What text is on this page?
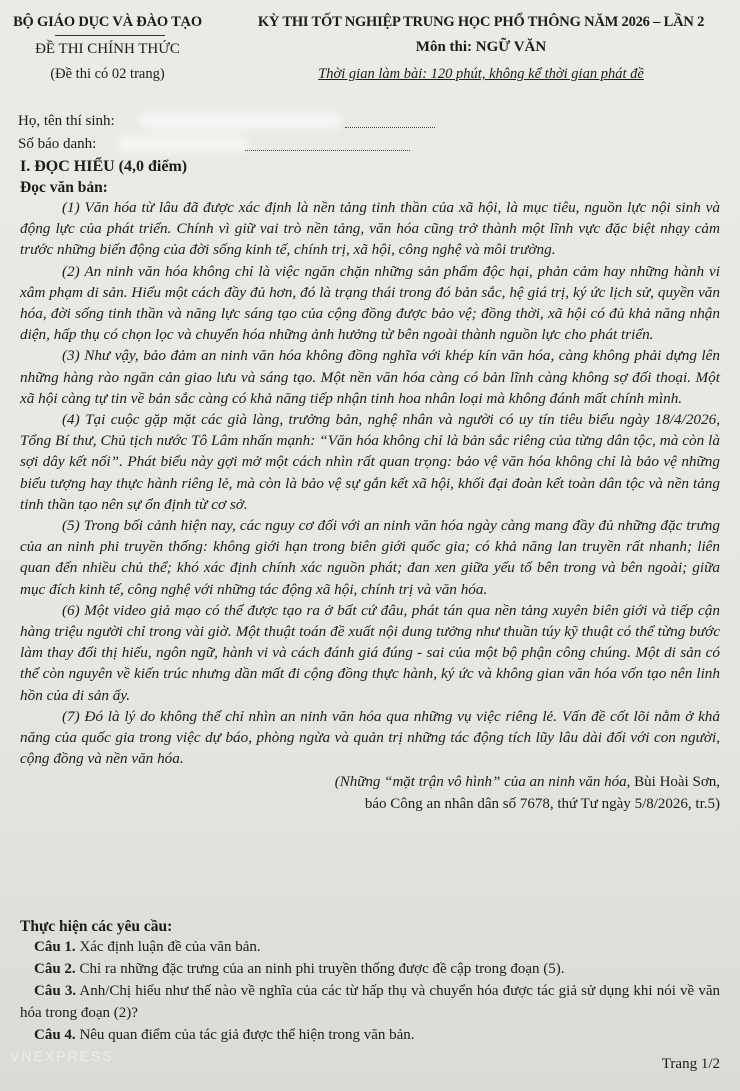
BỘ GIÁO DỤC VÀ ĐÀO TẠO
ĐỀ THI CHÍNH THỨC
(Đề thi có 02 trang)
KỲ THI TỐT NGHIỆP TRUNG HỌC PHỔ THÔNG NĂM 2026 – LẦN 2
Môn thi: NGỮ VĂN
Thời gian làm bài: 120 phút, không kể thời gian phát đề
Họ, tên thí sinh:
Số báo danh:
I. ĐỌC HIỂU (4,0 điểm)
Đọc văn bản:

(1) Văn hóa từ lâu đã được xác định là nền tảng tinh thần của xã hội, là mục tiêu, nguồn lực nội sinh và động lực của phát triển. Chính vì giữ vai trò nền tảng, văn hóa cũng trở thành một lĩnh vực đặc biệt nhạy cảm trước những biến động của đời sống kinh tế, chính trị, xã hội, công nghệ và môi trường.

(2) An ninh văn hóa không chỉ là việc ngăn chặn những sản phẩm độc hại, phản cảm hay những hành vi xâm phạm di sản. Hiểu một cách đầy đủ hơn, đó là trạng thái trong đó bản sắc, hệ giá trị, ký ức lịch sử, quyền văn hóa, đời sống tinh thần và năng lực sáng tạo của cộng đồng được bảo vệ; đồng thời, xã hội có đủ khả năng nhận diện, hấp thụ có chọn lọc và chuyển hóa những ảnh hưởng từ bên ngoài thành nguồn lực cho phát triển.

(3) Như vậy, bảo đảm an ninh văn hóa không đồng nghĩa với khép kín văn hóa, càng không phải dựng lên những hàng rào ngăn cản giao lưu và sáng tạo. Một nền văn hóa càng có bản lĩnh càng không sợ đối thoại. Một xã hội càng tự tin về bản sắc càng có khả năng tiếp nhận tinh hoa nhân loại mà không đánh mất chính mình.

(4) Tại cuộc gặp mặt các già làng, trưởng bản, nghệ nhân và người có uy tín tiêu biểu ngày 18/4/2026, Tổng Bí thư, Chủ tịch nước Tô Lâm nhấn mạnh: “Văn hóa không chỉ là bản sắc riêng của từng dân tộc, mà còn là sợi dây kết nối”. Phát biểu này gợi mở một cách nhìn rất quan trọng: bảo vệ văn hóa không chỉ là bảo vệ những biểu tượng hay thực hành riêng lẻ, mà còn là bảo vệ sự gắn kết xã hội, khối đại đoàn kết toàn dân tộc và nền tảng tinh thần tạo nên sự ổn định từ cơ sở.

(5) Trong bối cảnh hiện nay, các nguy cơ đối với an ninh văn hóa ngày càng mang đầy đủ những đặc trưng của an ninh phi truyền thống: không giới hạn trong biên giới quốc gia; có khả năng lan truyền rất nhanh; liên quan đến nhiều chủ thể; khó xác định chính xác nguồn phát; đan xen giữa yếu tố bên trong và bên ngoài; giữa mục đích kinh tế, công nghệ với những tác động xã hội, chính trị và văn hóa.

(6) Một video giả mạo có thể được tạo ra ở bất cứ đâu, phát tán qua nền tảng xuyên biên giới và tiếp cận hàng triệu người chỉ trong vài giờ. Một thuật toán đề xuất nội dung tưởng như thuần túy kỹ thuật có thể từng bước làm thay đổi thị hiếu, ngôn ngữ, hành vi và cách đánh giá đúng - sai của một bộ phận công chúng. Một di sản có thể còn nguyên về kiến trúc nhưng dần mất đi cộng đồng thực hành, ký ức và không gian văn hóa vốn tạo nên linh hồn của di sản ấy.

(7) Đó là lý do không thể chỉ nhìn an ninh văn hóa qua những vụ việc riêng lẻ. Vấn đề cốt lõi nằm ở khả năng của quốc gia trong việc dự báo, phòng ngừa và quản trị những tác động tích lũy lâu dài đối với con người, cộng đồng và nền văn hóa.

(Những “mặt trận vô hình” của an ninh văn hóa, Bùi Hoài Sơn,
báo Công an nhân dân số 7678, thứ Tư ngày 5/8/2026, tr.5)
Thực hiện các yêu cầu:

Câu 1. Xác định luận đề của văn bản.

Câu 2. Chỉ ra những đặc trưng của an ninh phi truyền thống được đề cập trong đoạn (5).

Câu 3. Anh/Chị hiểu như thế nào về nghĩa của các từ hấp thụ và chuyển hóa được tác giả sử dụng khi nói về văn hóa trong đoạn (2)?

Câu 4. Nêu quan điểm của tác giả được thể hiện trong văn bản.

VNEXPRESS	Trang 1/2
